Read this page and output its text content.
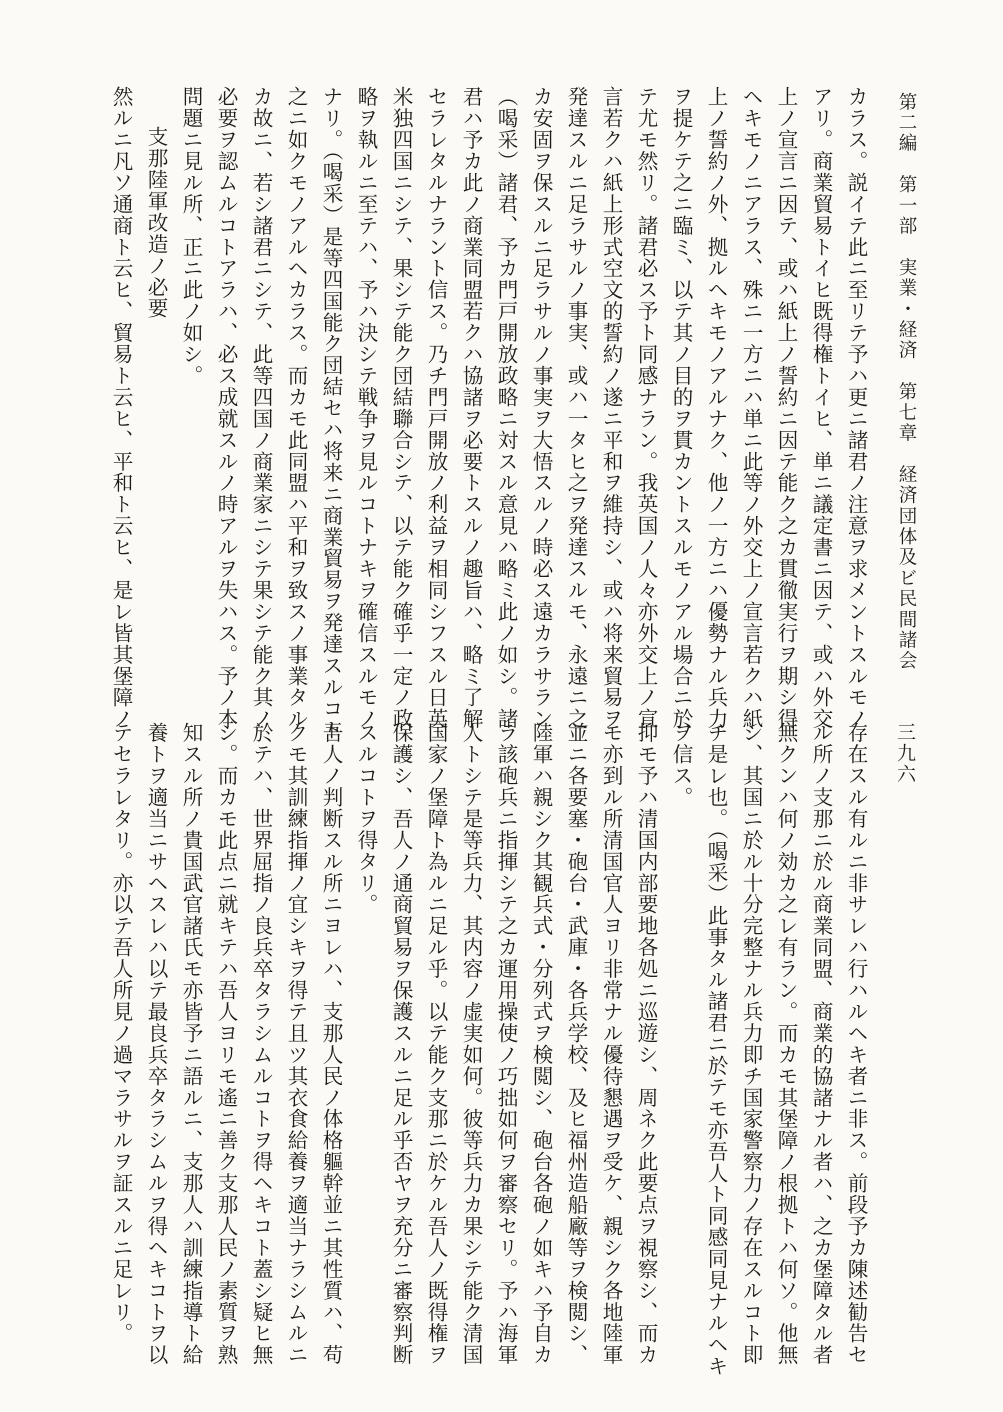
第二編　第一部　実業・経済　第七章　経済団体及ビ民間諸会
三九六
カラス。説イテ此ニ至リテ予ハ更ニ諸君ノ注意ヲ求メントスルモノ
アリ。商業貿易トイヒ既得権トイヒ、単ニ議定書ニ因テ、或ハ外交
上ノ宣言ニ因テ、或ハ紙上ノ誓約ニ因テ能ク之カ貫徹実行ヲ期シ得
ヘキモノニアラス、殊ニ一方ニハ単ニ此等ノ外交上ノ宣言若クハ紙
上ノ誓約ノ外、拠ルヘキモノアルナク、他ノ一方ニハ優勢ナル兵力
ヲ提ケテ之ニ臨ミ、以テ其ノ目的ヲ貫カントスルモノアル場合ニ於
テ尤モ然リ。諸君必ス予ト同感ナラン。我英国ノ人々亦外交上ノ宣
言若クハ紙上形式空文的誓約ノ遂ニ平和ヲ維持シ、或ハ将来貿易ヲ
発達スルニ足ラサルノ事実、或ハ一タヒ之ヲ発達スルモ、永遠ニ之
カ安固ヲ保スルニ足ラサルノ事実ヲ大悟スルノ時必ス遠カラサラン
（喝采）諸君、予カ門戸開放政略ニ対スル意見ハ略ミ此ノ如シ。諸
君ハ予カ此ノ商業同盟若クハ協諸ヲ必要トスルノ趣旨ハ、略ミ了解
セラレタルナラント信ス。乃チ門戸開放ノ利益ヲ相同シフスル日英
米独四国ニシテ、果シテ能ク団結聯合シテ、以テ能ク確乎一定ノ政
略ヲ執ルニ至テハ、予ハ決シテ戦争ヲ見ルコトナキヲ確信スルモノ
ナリ。（喝采）是等四国能ク団結セハ将来ニ商業貿易ヲ発達スルコト
之ニ如クモノアルヘカラス。而カモ此同盟ハ平和ヲ致スノ事業タル
カ故ニ、若シ諸君ニシテ、此等四国ノ商業家ニシテ果シテ能ク其ノ
必要ヲ認ムルコトアラハ、必ス成就スルノ時アルヲ失ハス。予ノ本
問題ニ見ル所、正ニ此ノ如シ。
支那陸軍改造ノ必要
然ルニ凡ソ通商ト云ヒ、貿易ト云ヒ、平和ト云ヒ、是レ皆其堡障ノ
存在スル有ルニ非サレハ行ハルヘキ者ニ非ス。前段予カ陳述勧告セ
ル所ノ支那ニ於ル商業同盟、商業的協諸ナル者ハ、之カ堡障タル者
無クンハ何ノ効カ之レ有ラン。而カモ其堡障ノ根拠トハ何ソ。他無
シ、其国ニ於ル十分完整ナル兵力即チ国家警察力ノ存在スルコト即
チ是レ也。（喝采）此事タル諸君ニ於テモ亦吾人ト同感同見ナルヘキ
ヲ信ス。
抑モ予ハ清国内部要地各処ニ巡遊シ、周ネク此要点ヲ視察シ、而カ
モ亦到ル所清国官人ヨリ非常ナル優待懇遇ヲ受ケ、親シク各地陸軍
並ニ各要塞・砲台・武庫・各兵学校、及ヒ福州造船廠等ヲ検閲シ、
陸軍ハ親シク其観兵式・分列式ヲ検閲シ、砲台各砲ノ如キハ予自カ
ラ該砲兵ニ指揮シテ之カ運用操使ノ巧拙如何ヲ審察セリ。予ハ海軍
人トシテ是等兵力、其内容ノ虚実如何。彼等兵力カ果シテ能ク清国
国家ノ堡障ト為ルニ足ル乎。以テ能ク支那ニ於ケル吾人ノ既得権ヲ
保護シ、吾人ノ通商貿易ヲ保護スルニ足ル乎否ヤヲ充分ニ審察判断
スルコトヲ得タリ。
吾人ノ判断スル所ニヨレハ、支那人民ノ体格軀幹並ニ其性質ハ、苟
クモ其訓練指揮ノ宜シキヲ得テ且ツ其衣食給養ヲ適当ナラシムルニ
於テハ、世界屈指ノ良兵卒タラシムルコトヲ得ヘキコト蓋シ疑ヒ無
シ。而カモ此点ニ就キテハ吾人ヨリモ遙ニ善ク支那人民ノ素質ヲ熟
知スル所ノ貴国武官諸氏モ亦皆予ニ語ルニ、支那人ハ訓練指導ト給
養トヲ適当ニサヘスレハ以テ最良兵卒タラシムルヲ得ヘキコトヲ以
テセラレタリ。亦以テ吾人所見ノ過マラサルヲ証スルニ足レリ。
